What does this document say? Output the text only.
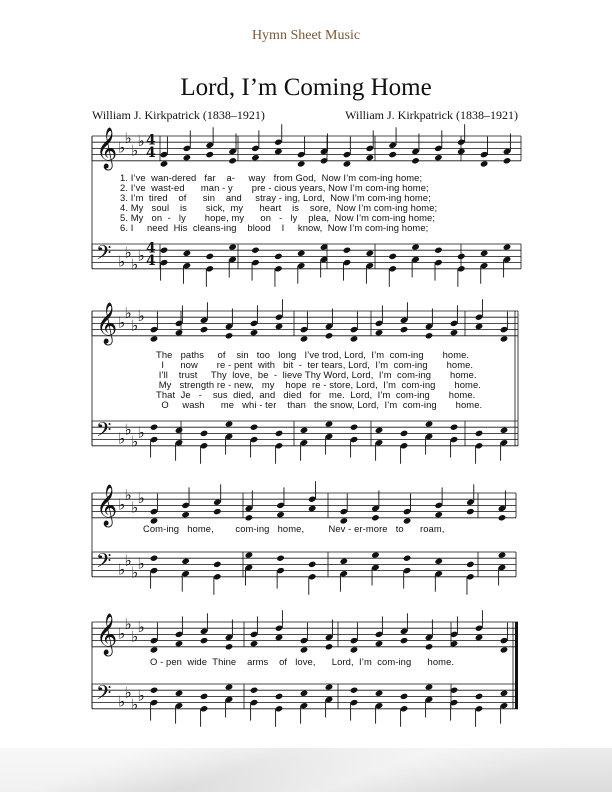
Hymn Sheet Music
Lord, I’m Coming Home
William J. Kirkpatrick (1838–1921)	William J. Kirkpatrick (1838–1921)
𝄞
𝄢
♭
♭
♭
♭
♭
♭
♭
♭
4
4
4
4
𝄞
𝄢
♭
♭
♭
♭
♭
♭
♭
♭
𝄞
𝄢
♭
♭
♭
♭
♭
♭
♭
♭
𝄞
𝄢
♭
♭
♭
♭
♭
♭
♭
♭
1. I’ve  wan-dered   far    a-     way   from God,  Now I’m com-ing home;
2. I’ve  wast-ed      man - y       pre - cious years, Now I’m com-ing home;
3. I’m  tired    of      sin    and     stray - ing, Lord,  Now I’m com-ing home;
4. My   soul    is       sick,  my      heart    is    sore,  Now I’m com-ing home;
5. My   on  -   ly       hope, my      on   -   ly    plea,  Now I’m com-ing home;
6. I     need  His  cleans-ing    blood    I     know,  Now I’m com-ing home;
The   paths     of    sin   too   long   I’ve trod, Lord,  I’m  com-ing       home.
I      now       re - pent  with   bit  -  ter tears, Lord,  I’m  com-ing       home.
I’ll    trust     Thy  love,  be  -  lieve Thy Word, Lord,  I’m  com-ing       home.
My   strength re - new,   my    hope  re - store, Lord,  I’m  com-ing       home.
That  Je   -    sus  died,  and   died   for   me.  Lord,  I’m  com-ing       home.
O     wash      me   whi - ter    than   the snow, Lord,  I’m  com-ing       home.
Com-ing   home,        com-ing   home,         Nev - er-more   to      roam,
O - pen  wide  Thine    arms    of   love,      Lord,  I’m  com-ing      home.
